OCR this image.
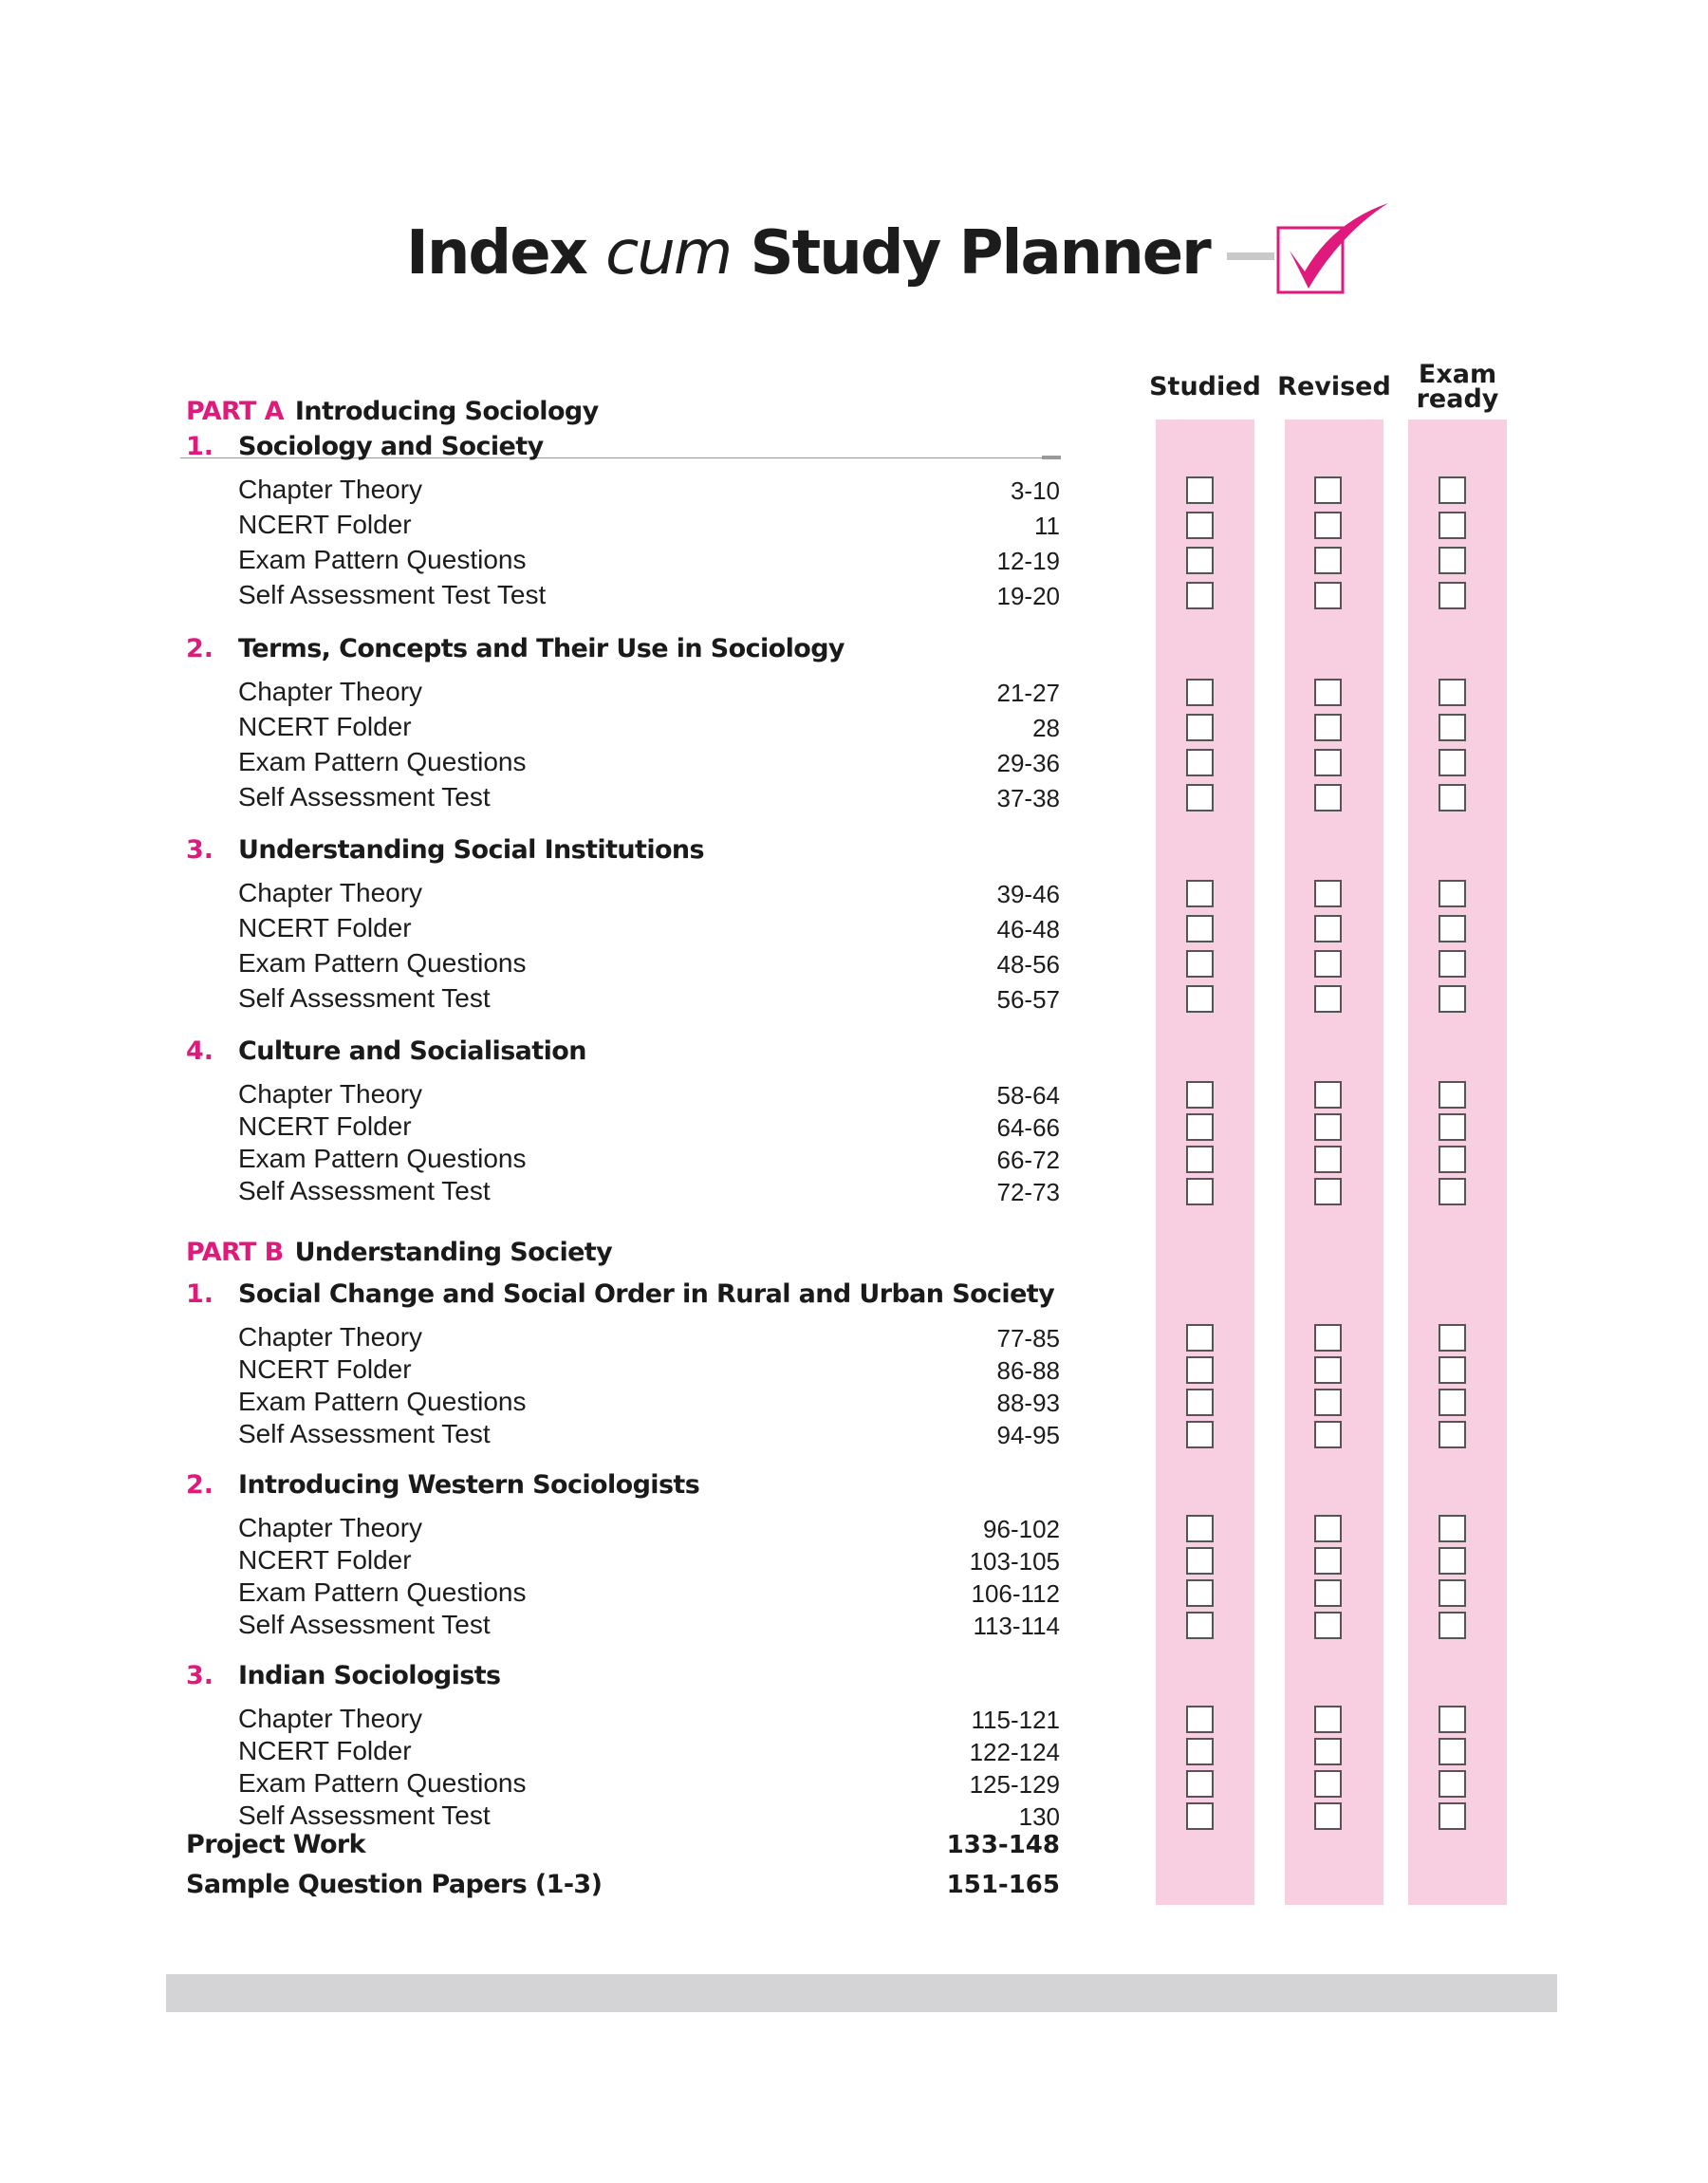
Index cum Study Planner
Studied Revised	Exam
ready
PART A Introducing Sociology
1. Sociology and Society
Chapter Theory	3-10
NCERT Folder	11
Exam Pattern Questions	12-19
Self Assessment Test Test	19-20
2. Terms, Concepts and Their Use in Sociology
Chapter Theory	21-27
NCERT Folder	28
Exam Pattern Questions	29-36
Self Assessment Test	37-38
3. Understanding Social Institutions
Chapter Theory	39-46
NCERT Folder	46-48
Exam Pattern Questions	48-56
Self Assessment Test	56-57
4. Culture and Socialisation
Chapter Theory	58-64
NCERT Folder	64-66
Exam Pattern Questions	66-72
Self Assessment Test	72-73
PART B Understanding Society
1. Social Change and Social Order in Rural and Urban Society
Chapter Theory	77-85
NCERT Folder	86-88
Exam Pattern Questions	88-93
Self Assessment Test	94-95
2. Introducing Western Sociologists
Chapter Theory	96-102
NCERT Folder	103-105
Exam Pattern Questions	106-112
Self Assessment Test	113-114
3. Indian Sociologists
Chapter Theory	115-121
NCERT Folder	122-124
Exam Pattern Questions	125-129
Self Assessment Test	130
Project Work	133-148
Sample Question Papers (1-3)	151-165
